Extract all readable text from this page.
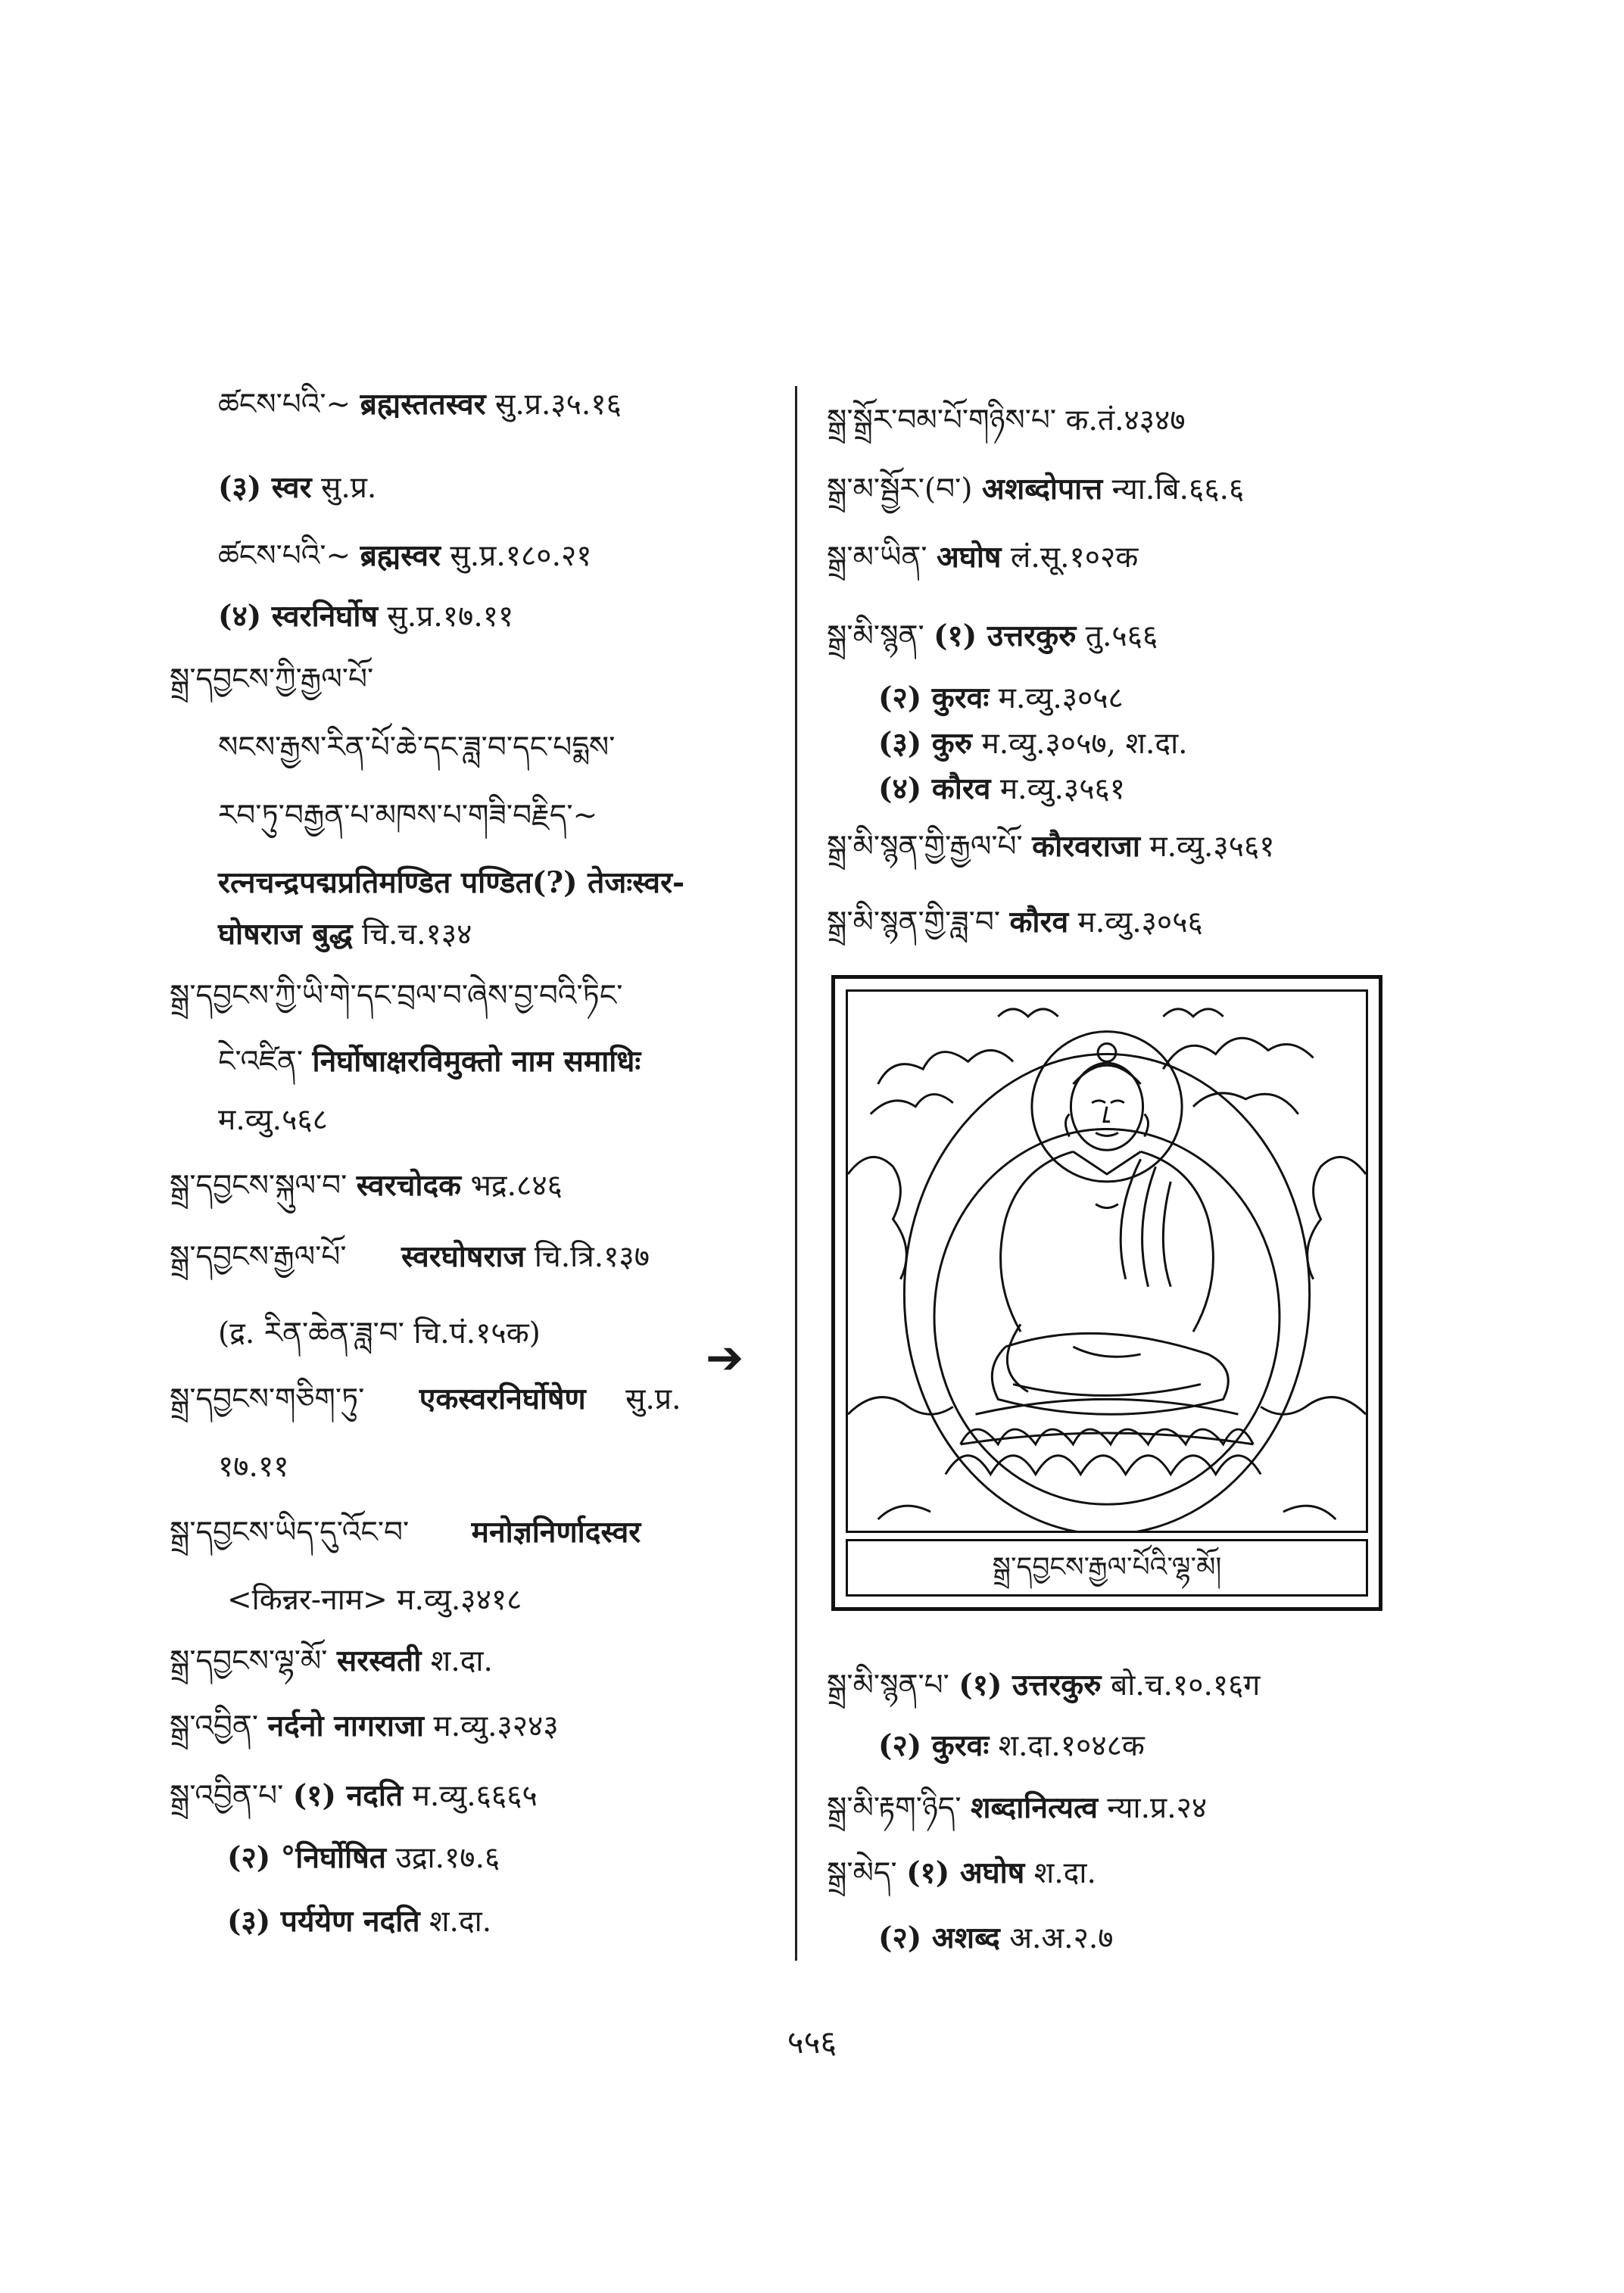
ཚངས་པའི་~ ब्रह्मस्ततस्वर सु.प्र.३५.१६
(३) स्वर सु.प्र.
ཚངས་པའི་~ ब्रह्मस्वर सु.प्र.१८०.२१
(४) स्वरनिर्घोष सु.प्र.१७.११
སྒྲ་དབྱངས་ཀྱི་རྒྱལ་པོ་
སངས་རྒྱས་རིན་པོ་ཆེ་དང་ཟླ་བ་དང་པདྨས་
རབ་ཏུ་བརྒྱན་པ་མཁས་པ་གཟི་བརྗིད་~
रत्नचन्द्रपद्मप्रतिमण्डित पण्डित(?) तेजःस्वर-
घोषराज बुद्ध चि.च.१३४
སྒྲ་དབྱངས་ཀྱི་ཡི་གེ་དང་བྲལ་བ་ཞེས་བྱ་བའི་ཏིང་
ངེ་འཛིན་ निर्घोषाक्षरविमुक्तो नाम समाधिः
म.व्यु.५६८
སྒྲ་དབྱངས་སྐུལ་བ་ स्वरचोदक भद्र.८४६
སྒྲ་དབྱངས་རྒྱལ་པོ་ स्वरघोषराज चि.त्रि.१३७
(द्र. རིན་ཆེན་ཟླ་བ་ चि.पं.१५क)
སྒྲ་དབྱངས་གཅིག་ཏུ་ एकस्वरनिर्घोषेण सु.प्र.
१७.११
སྒྲ་དབྱངས་ཡིད་དུ་འོང་བ་ मनोज्ञनिर्णादस्वर
<किन्नर-नाम> म.व्यु.३४१८
སྒྲ་དབྱངས་ལྷ་མོ་ सरस्वती श.दा.
སྒྲ་འབྱིན་ नर्दनो नागराजा म.व्यु.३२४३
སྒྲ་འབྱིན་པ་ (१) नदति म.व्यु.६६६५
(२) °निर्घोषित उद्रा.१७.६
(३) पर्ययेण नदति श.दा.
➔
སྒྲ་སྒྲོར་བམ་པོ་གཉིས་པ་ क.तं.४३४७
སྒྲ་མ་སྦྱོར་(བ་) अशब्दोपात्त न्या.बि.६६.६
སྒྲ་མ་ཡིན་ अघोष लं.सू.१०२क
སྒྲ་མི་སྙན་ (१) उत्तरकुरु तु.५६६
(२) कुरवः म.व्यु.३०५८
(३) कुरु म.व्यु.३०५७, श.दा.
(४) कौरव म.व्यु.३५६१
སྒྲ་མི་སྙན་གྱི་རྒྱལ་པོ་ कौरवराजा म.व्यु.३५६१
སྒྲ་མི་སྙན་གྱི་ཟླ་བ་ कौरव म.व्यु.३०५६
སྒྲ་དབྱངས་རྒྱལ་པོའི་ལྷ་མོ།
སྒྲ་མི་སྙན་པ་ (१) उत्तरकुरु बो.च.१०.१६ग
(२) कुरवः श.दा.१०४८क
སྒྲ་མི་རྟག་ཉིད་ शब्दानित्यत्व न्या.प्र.२४
སྒྲ་མེད་ (१) अघोष श.दा.
(२) अशब्द अ.अ.२.७
५५६
